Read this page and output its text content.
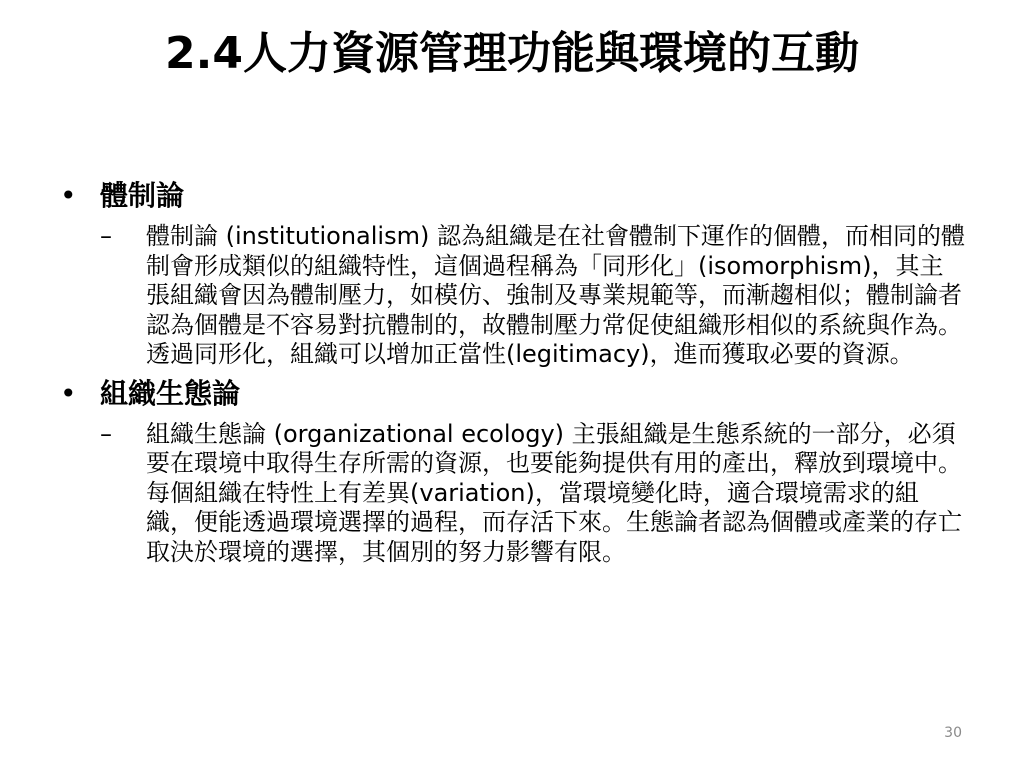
2.4人力資源管理功能與環境的互動
• 體制論
– 體制論 (institutionalism) 認為組織是在社會體制下運作的個體，而相同的體制會形成類似的組織特性，這個過程稱為「同形化」(isomorphism)，其主張組織會因為體制壓力，如模仿、強制及專業規範等，而漸趨相似；體制論者認為個體是不容易對抗體制的，故體制壓力常促使組織形相似的系統與作為。透過同形化，組織可以增加正當性(legitimacy)，進而獲取必要的資源。
• 組織生態論
– 組織生態論 (organizational ecology) 主張組織是生態系統的一部分，必須要在環境中取得生存所需的資源，也要能夠提供有用的產出，釋放到環境中。每個組織在特性上有差異(variation)，當環境變化時，適合環境需求的組織，便能透過環境選擇的過程，而存活下來。生態論者認為個體或產業的存亡取決於環境的選擇，其個別的努力影響有限。
30
